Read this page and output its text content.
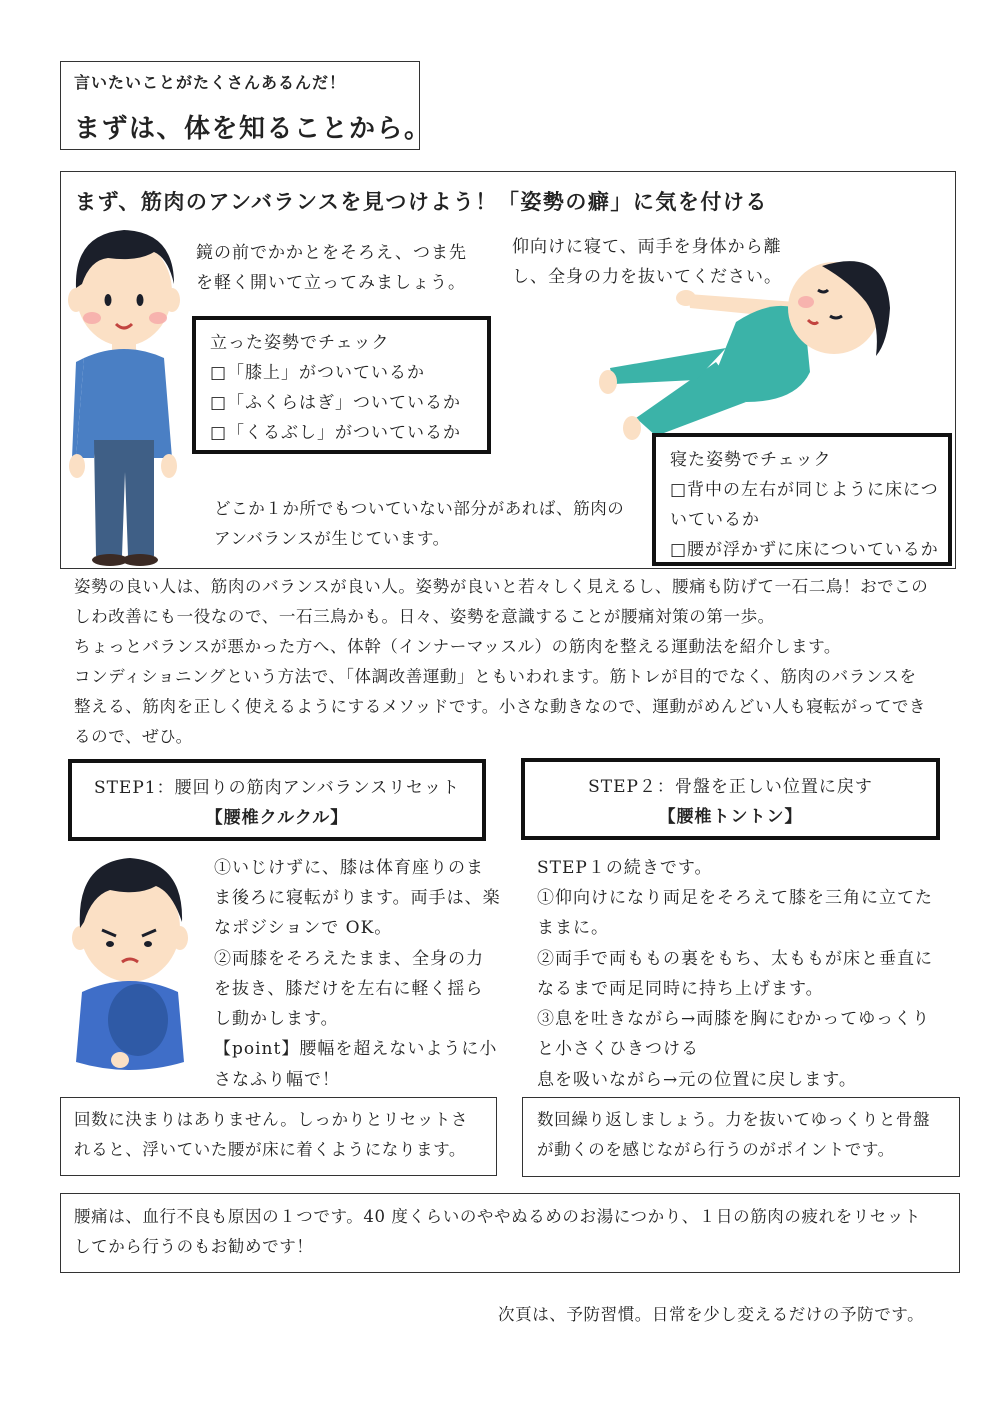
言いたいことがたくさんあるんだ！
まずは、体を知ることから。
まず、筋肉のアンバランスを見つけよう！「姿勢の癖」に気を付ける
鏡の前でかかとをそろえ、つま先
を軽く開いて立ってみましょう。
立った姿勢でチェック
□「膝上」がついているか
□「ふくらはぎ」ついているか
□「くるぶし」がついているか
仰向けに寝て、両手を身体から離
し、全身の力を抜いてください。
寝た姿勢でチェック
□背中の左右が同じように床につ
いているか
□腰が浮かずに床についているか
どこか１か所でもついていない部分があれば、筋肉の
アンバランスが生じています。
姿勢の良い人は、筋肉のバランスが良い人。姿勢が良いと若々しく見えるし、腰痛も防げて一石二鳥！おでこの
しわ改善にも一役なので、一石三鳥かも。日々、姿勢を意識することが腰痛対策の第一歩。
ちょっとバランスが悪かった方へ、体幹（インナーマッスル）の筋肉を整える運動法を紹介します。
コンディショニングという方法で、「体調改善運動」ともいわれます。筋トレが目的でなく、筋肉のバランスを
整える、筋肉を正しく使えるようにするメソッドです。小さな動きなので、運動がめんどい人も寝転がってでき
るので、ぜひ。
STEP1：腰回りの筋肉アンバランスリセット
【腰椎クルクル】
STEP２：骨盤を正しい位置に戻す
【腰椎トントン】
①いじけずに、膝は体育座りのま
ま後ろに寝転がります。両手は、楽
なポジションで OK。
②両膝をそろえたまま、全身の力
を抜き、膝だけを左右に軽く揺ら
し動かします。
【point】腰幅を超えないように小
さなふり幅で！
STEP１の続きです。
①仰向けになり両足をそろえて膝を三角に立てた
ままに。
②両手で両ももの裏をもち、太ももが床と垂直に
なるまで両足同時に持ち上げます。
③息を吐きながら→両膝を胸にむかってゆっくり
と小さくひきつける
息を吸いながら→元の位置に戻します。
回数に決まりはありません。しっかりとリセットさ
れると、浮いていた腰が床に着くようになります。
数回繰り返しましょう。力を抜いてゆっくりと骨盤
が動くのを感じながら行うのがポイントです。
腰痛は、血行不良も原因の１つです。40 度くらいのややぬるめのお湯につかり、１日の筋肉の疲れをリセット
してから行うのもお勧めです！
次頁は、予防習慣。日常を少し変えるだけの予防です。
